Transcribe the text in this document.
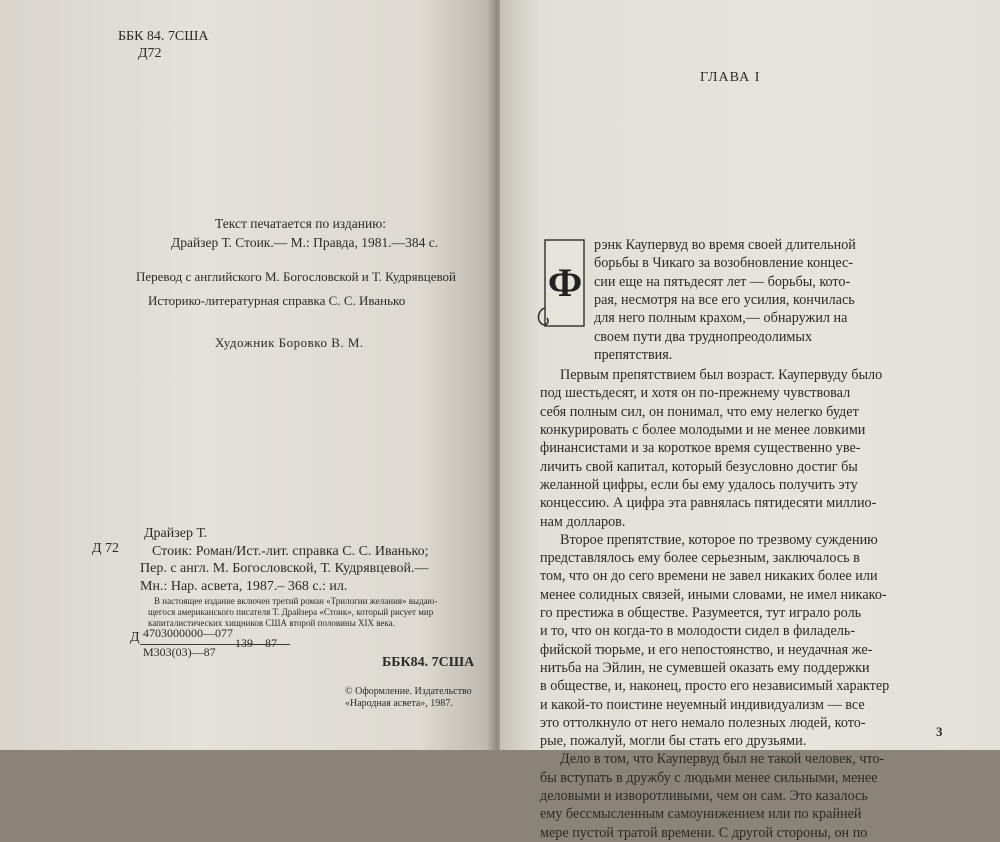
ББК 84. 7США
Д72
Текст печатается по изданию:
Драйзер Т. Стоик.— М.: Правда, 1981.—384 с.
Перевод с английского М. Богословской и Т. Кудрявцевой
Историко-литературная справка С. С. Иванько
Художник Боровко В. М.
Д 72
Драйзер Т.
Стоик: Роман/Ист.-лит. справка С. С. Иванько;
Пер. с англ. М. Богословской, Т. Кудрявцевой.—
Мн.: Нар. асвета, 1987.– 368 с.: ил.
В настоящее издание включен третий роман «Трилогии желания» выдаю-
щегося американского писателя Т. Драйзера «Стоик», который рисует мир
капиталистических хищников США второй половины XIX века.
Д 4703000000—077
139—87
М303(03)—87
ББК84. 7США
© Оформление. Издательство
«Народная асвета», 1987.
ГЛАВА I
3
Ф
рэнк Каупервуд во время своей длительной
борьбы в Чикаго за возобновление концес-
сии еще на пятьдесят лет — борьбы, кото-
рая, несмотря на все его усилия, кончилась
для него полным крахом,— обнаружил на
своем пути два труднопреодолимых
препятствия.
Первым препятствием был возраст. Каупервуду было
под шестьдесят, и хотя он по-прежнему чувствовал
себя полным сил, он понимал, что ему нелегко будет
конкурировать с более молодыми и не менее ловкими
финансистами и за короткое время существенно уве-
личить свой капитал, который безусловно достиг бы
желанной цифры, если бы ему удалось получить эту
концессию. А цифра эта равнялась пятидесяти миллио-
нам долларов.
Второе препятствие, которое по трезвому суждению
представлялось ему более серьезным, заключалось в
том, что он до сего времени не завел никаких более или
менее солидных связей, иными словами, не имел никако-
го престижа в обществе. Разумеется, тут играло роль
и то, что он когда-то в молодости сидел в филадель-
фийской тюрьме, и его непостоянство, и неудачная же-
нитьба на Эйлин, не сумевшей оказать ему поддержки
в обществе, и, наконец, просто его независимый характер
и какой-то поистине неуемный индивидуализм — все
это оттолкнуло от него немало полезных людей, кото-
рые, пожалуй, могли бы стать его друзьями.
Дело в том, что Каупервуд был не такой человек, что-
бы вступать в дружбу с людьми менее сильными, менее
деловыми и изворотливыми, чем он сам. Это казалось
ему бессмысленным самоунижением или по крайней
мере пустой тратой времени. С другой стороны, он по
